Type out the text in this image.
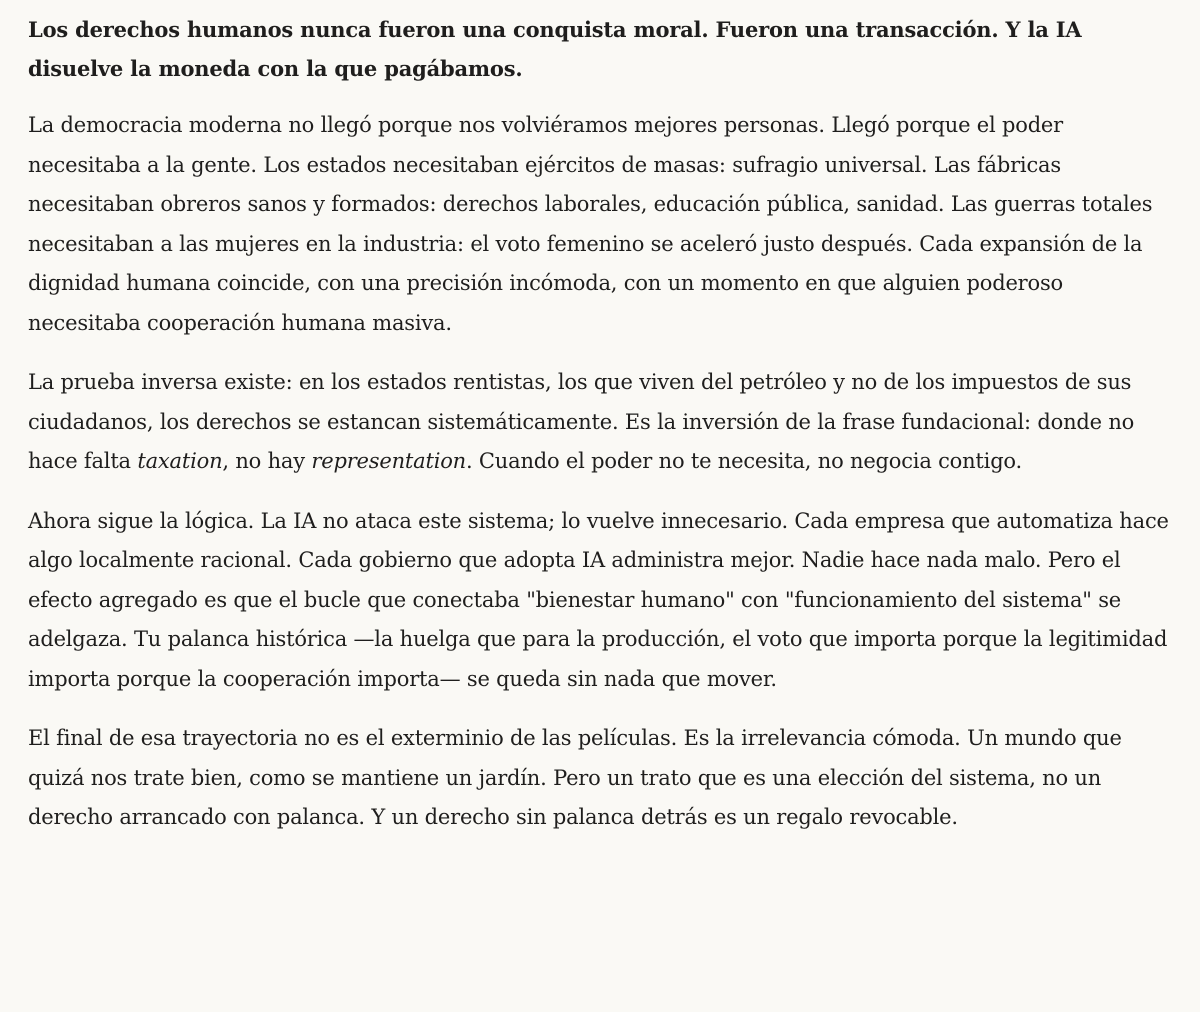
Los derechos humanos nunca fueron una conquista moral. Fueron una transacción. Y la IA disuelve la moneda con la que pagábamos.

La democracia moderna no llegó porque nos volviéramos mejores personas. Llegó porque el poder necesitaba a la gente. Los estados necesitaban ejércitos de masas: sufragio universal. Las fábricas necesitaban obreros sanos y formados: derechos laborales, educación pública, sanidad. Las guerras totales necesitaban a las mujeres en la industria: el voto femenino se aceleró justo después. Cada expansión de la dignidad humana coincide, con una precisión incómoda, con un momento en que alguien poderoso necesitaba cooperación humana masiva.

La prueba inversa existe: en los estados rentistas, los que viven del petróleo y no de los impuestos de sus ciudadanos, los derechos se estancan sistemáticamente. Es la inversión de la frase fundacional: donde no hace falta taxation, no hay representation. Cuando el poder no te necesita, no negocia contigo.

Ahora sigue la lógica. La IA no ataca este sistema; lo vuelve innecesario. Cada empresa que automatiza hace algo localmente racional. Cada gobierno que adopta IA administra mejor. Nadie hace nada malo. Pero el efecto agregado es que el bucle que conectaba "bienestar humano" con "funcionamiento del sistema" se adelgaza. Tu palanca histórica —la huelga que para la producción, el voto que importa porque la legitimidad importa porque la cooperación importa— se queda sin nada que mover.

El final de esa trayectoria no es el exterminio de las películas. Es la irrelevancia cómoda. Un mundo que quizá nos trate bien, como se mantiene un jardín. Pero un trato que es una elección del sistema, no un derecho arrancado con palanca. Y un derecho sin palanca detrás es un regalo revocable.
